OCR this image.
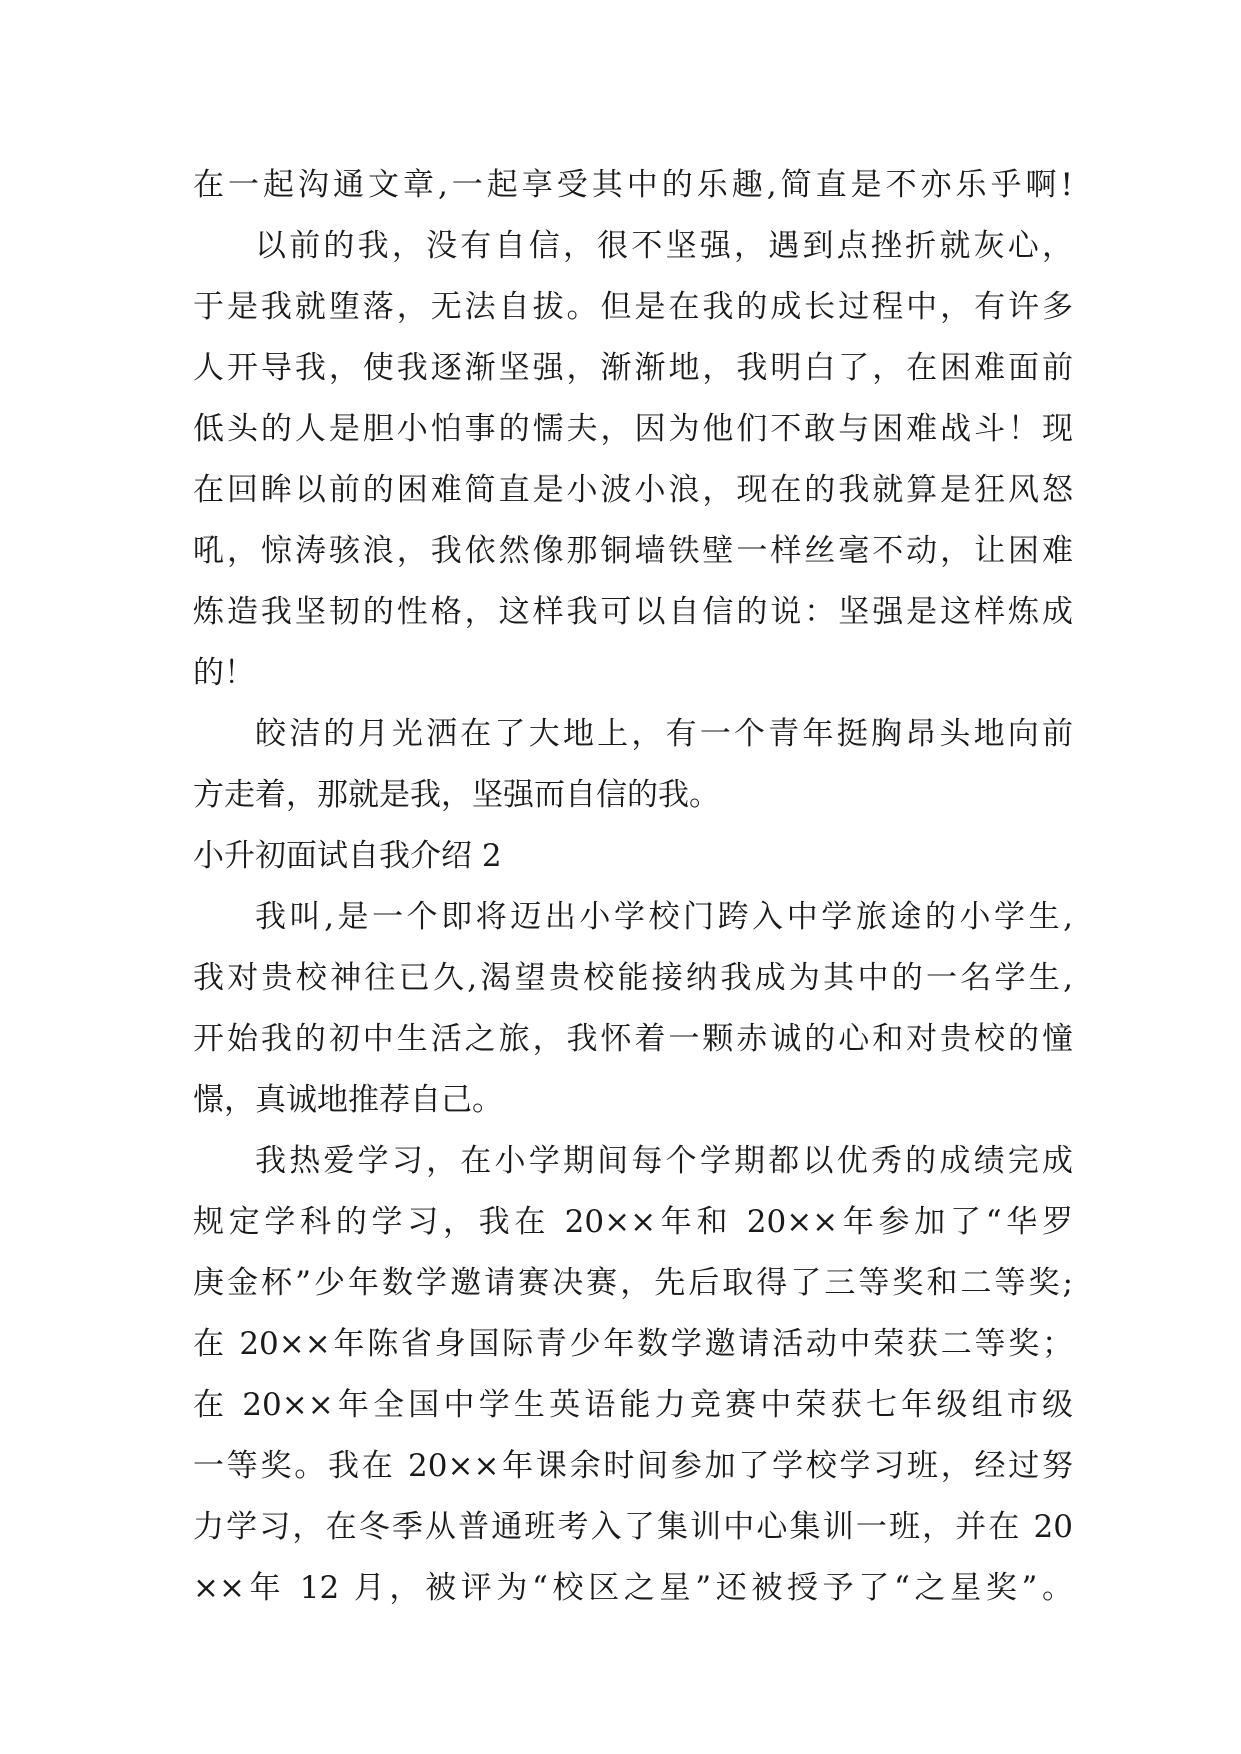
在一起沟通文章,一起享受其中的乐趣,简直是不亦乐乎啊!
以前的我，没有自信，很不坚强，遇到点挫折就灰心，
于是我就堕落，无法自拔。但是在我的成长过程中，有许多
人开导我，使我逐渐坚强，渐渐地，我明白了，在困难面前
低头的人是胆小怕事的懦夫，因为他们不敢与困难战斗！现
在回眸以前的困难简直是小波小浪，现在的我就算是狂风怒
吼，惊涛骇浪，我依然像那铜墙铁壁一样丝毫不动，让困难
炼造我坚韧的性格，这样我可以自信的说：坚强是这样炼成
的！
皎洁的月光洒在了大地上，有一个青年挺胸昂头地向前
方走着，那就是我，坚强而自信的我。
小升初面试自我介绍 2
我叫,是一个即将迈出小学校门跨入中学旅途的小学生,
我对贵校神往已久,渴望贵校能接纳我成为其中的一名学生,
开始我的初中生活之旅，我怀着一颗赤诚的心和对贵校的憧
憬，真诚地推荐自己。
我热爱学习，在小学期间每个学期都以优秀的成绩完成
规定学科的学习，我在 20××年和 20××年参加了“华罗
庚金杯”少年数学邀请赛决赛，先后取得了三等奖和二等奖;
在 20××年陈省身国际青少年数学邀请活动中荣获二等奖；
在 20××年全国中学生英语能力竞赛中荣获七年级组市级
一等奖。我在 20××年课余时间参加了学校学习班，经过努
力学习，在冬季从普通班考入了集训中心集训一班，并在 20
××年 12 月，被评为“校区之星”还被授予了“之星奖”。
